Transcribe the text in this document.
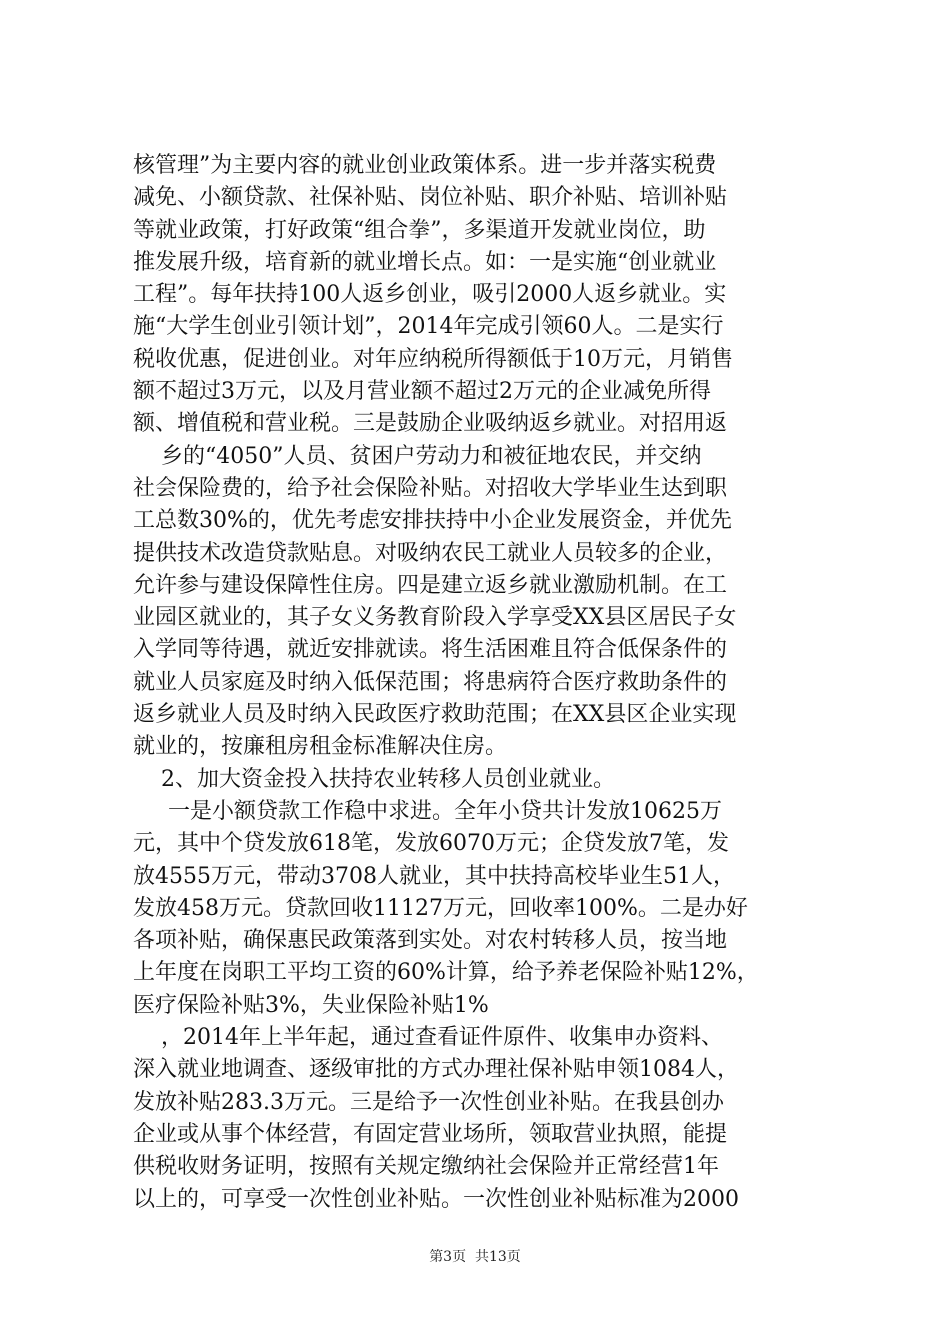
核管理”为主要内容的就业创业政策体系。进一步并落实税费
减免、小额贷款、社保补贴、岗位补贴、职介补贴、培训补贴
等就业政策，打好政策“组合拳”，多渠道开发就业岗位，助
推发展升级，培育新的就业增长点。如：一是实施“创业就业
工程”。每年扶持100人返乡创业，吸引2000人返乡就业。实
施“大学生创业引领计划”，2014年完成引领60人。二是实行
税收优惠，促进创业。对年应纳税所得额低于10万元，月销售
额不超过3万元，以及月营业额不超过2万元的企业减免所得
额、增值税和营业税。三是鼓励企业吸纳返乡就业。对招用返
乡的“4050”人员、贫困户劳动力和被征地农民，并交纳
社会保险费的，给予社会保险补贴。对招收大学毕业生达到职
工总数30%的，优先考虑安排扶持中小企业发展资金，并优先
提供技术改造贷款贴息。对吸纳农民工就业人员较多的企业，
允许参与建设保障性住房。四是建立返乡就业激励机制。在工
业园区就业的，其子女义务教育阶段入学享受XX县区居民子女
入学同等待遇，就近安排就读。将生活困难且符合低保条件的
就业人员家庭及时纳入低保范围；将患病符合医疗救助条件的
返乡就业人员及时纳入民政医疗救助范围；在XX县区企业实现
就业的，按廉租房租金标准解决住房。
2、加大资金投入扶持农业转移人员创业就业。
一是小额贷款工作稳中求进。全年小贷共计发放10625万
元，其中个贷发放618笔，发放6070万元；企贷发放7笔，发
放4555万元，带动3708人就业，其中扶持高校毕业生51人，
发放458万元。贷款回收11127万元，回收率100%。二是办好
各项补贴，确保惠民政策落到实处。对农村转移人员，按当地
上年度在岗职工平均工资的60%计算，给予养老保险补贴12%，
医疗保险补贴3%，失业保险补贴1%
，2014年上半年起，通过查看证件原件、收集申办资料、
深入就业地调查、逐级审批的方式办理社保补贴申领1084人，
发放补贴283.3万元。三是给予一次性创业补贴。在我县创办
企业或从事个体经营，有固定营业场所，领取营业执照，能提
供税收财务证明，按照有关规定缴纳社会保险并正常经营1年
以上的，可享受一次性创业补贴。一次性创业补贴标准为2000
第3页  共13页
